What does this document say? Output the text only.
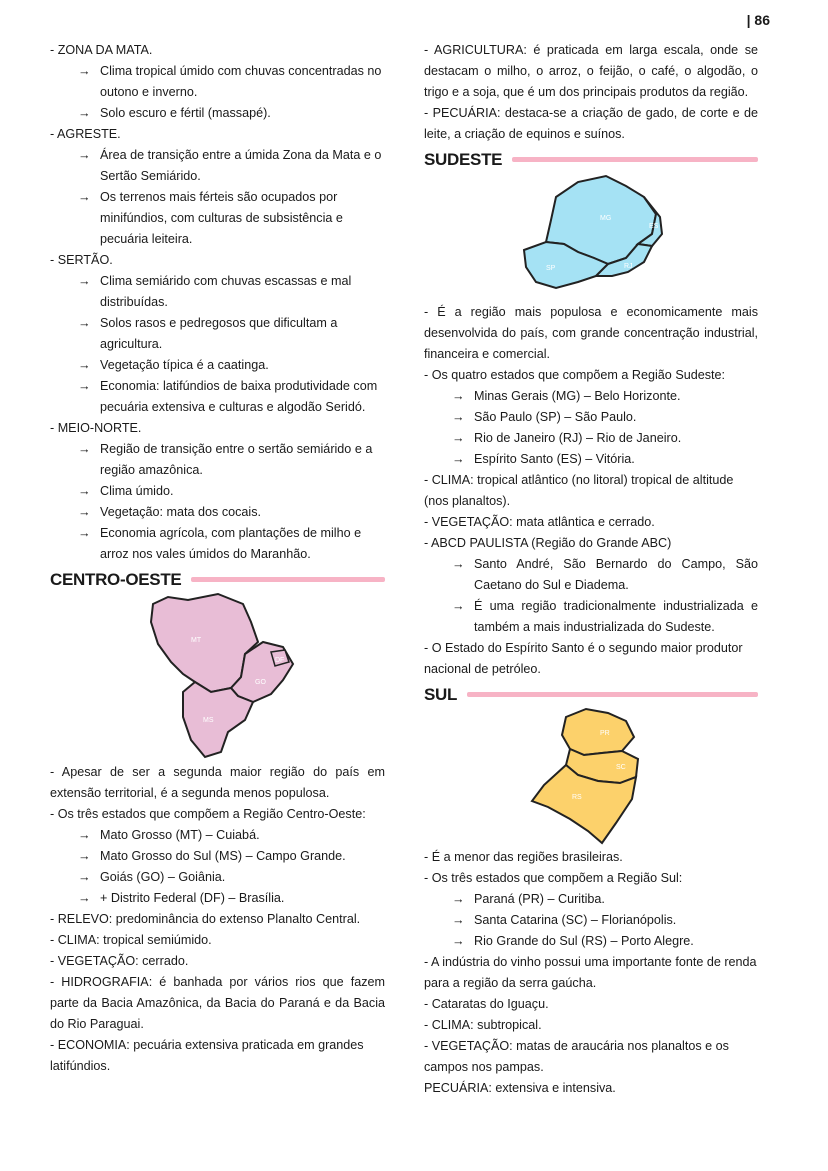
| 86

- ZONA DA MATA.

→ Clima tropical úmido com chuvas concentradas no outono e inverno.

→ Solo escuro e fértil (massapé).

- AGRESTE.

→ Área de transição entre a úmida Zona da Mata e o Sertão Semiárido.

→ Os terrenos mais férteis são ocupados por minifúndios, com culturas de subsistência e pecuária leiteira.

- SERTÃO.

→ Clima semiárido com chuvas escassas e mal distribuídas.

→ Solos rasos e pedregosos que dificultam a agricultura.

→ Vegetação típica é a caatinga.

→ Economia: latifúndios de baixa produtividade com pecuária extensiva e culturas e algodão Seridó.

- MEIO-NORTE.

→ Região de transição entre o sertão semiárido e a região amazônica.

→ Clima úmido.

→ Vegetação: mata dos cocais.

→ Economia agrícola, com plantações de milho e arroz nos vales úmidos do Maranhão.

CENTRO-OESTE
MT
DF
GO
MS

- Apesar de ser a segunda maior região do país em extensão territorial, é a segunda menos populosa.

- Os três estados que compõem a Região Centro-Oeste:

→ Mato Grosso (MT) – Cuiabá.

→ Mato Grosso do Sul (MS) – Campo Grande.

→ Goiás (GO) – Goiânia.

→ + Distrito Federal (DF) – Brasília.

- RELEVO: predominância do extenso Planalto Central.

- CLIMA: tropical semiúmido.

- VEGETAÇÃO: cerrado.

- HIDROGRAFIA: é banhada por vários rios que fazem parte da Bacia Amazônica, da Bacia do Paraná e da Bacia do Rio Paraguai.

- ECONOMIA: pecuária extensiva praticada em grandes latifúndios.

- AGRICULTURA: é praticada em larga escala, onde se destacam o milho, o arroz, o feijão, o café, o algodão, o trigo e a soja, que é um dos principais produtos da região.

- PECUÁRIA: destaca-se a criação de gado, de corte e de leite, a criação de equinos e suínos.

SUDESTE
MG
ES
SP	RJ

- É a região mais populosa e economicamente mais desenvolvida do país, com grande concentração industrial, financeira e comercial.

- Os quatro estados que compõem a Região Sudeste:

→ Minas Gerais (MG) – Belo Horizonte.

→ São Paulo (SP) – São Paulo.

→ Rio de Janeiro (RJ) – Rio de Janeiro.

→ Espírito Santo (ES) – Vitória.

- CLIMA: tropical atlântico (no litoral) tropical de altitude (nos planaltos).

- VEGETAÇÃO: mata atlântica e cerrado.

- ABCD PAULISTA (Região do Grande ABC)

→ Santo André, São Bernardo do Campo, São Caetano do Sul e Diadema.

→ É uma região tradicionalmente industrializada e também a mais industrializada do Sudeste.

- O Estado do Espírito Santo é o segundo maior produtor nacional de petróleo.

SUL
PR
SC
RS

- É a menor das regiões brasileiras.

- Os três estados que compõem a Região Sul:

→ Paraná (PR) – Curitiba.

→ Santa Catarina (SC) – Florianópolis.

→ Rio Grande do Sul (RS) – Porto Alegre.

- A indústria do vinho possui uma importante fonte de renda para a região da serra gaúcha.

- Cataratas do Iguaçu.

- CLIMA: subtropical.

- VEGETAÇÃO: matas de araucária nos planaltos e os campos nos pampas.

PECUÁRIA: extensiva e intensiva.
